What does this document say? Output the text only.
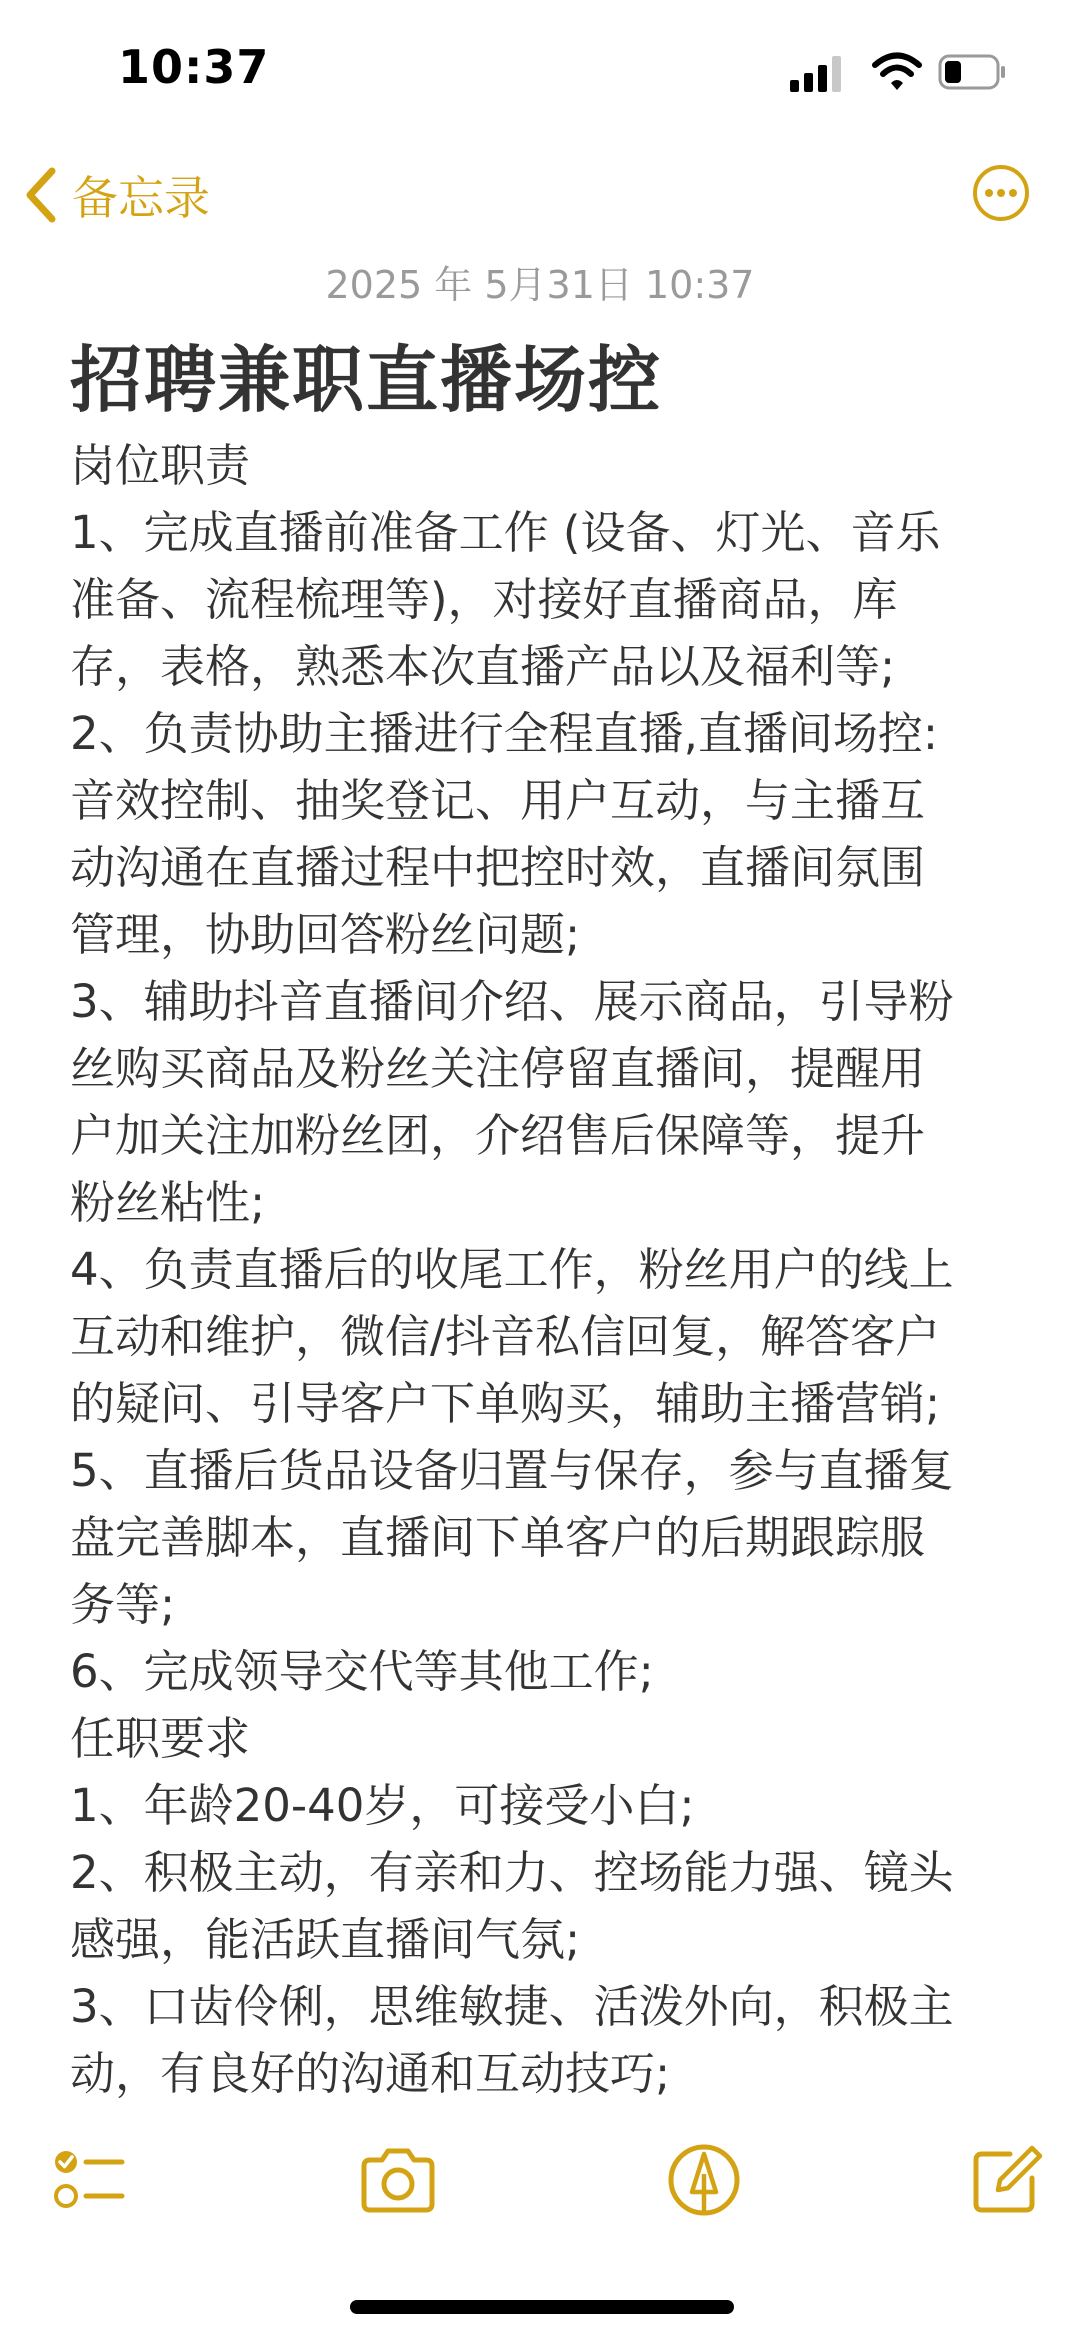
10:37
备忘录
2025 年 5月31日 10:37
招聘兼职直播场控
岗位职责
1、完成直播前准备工作 (设备、灯光、音乐
准备、流程梳理等)，对接好直播商品，库
存，表格，熟悉本次直播产品以及福利等;
2、负责协助主播进行全程直播,直播间场控:
音效控制、抽奖登记、用户互动，与主播互
动沟通在直播过程中把控时效，直播间氛围
管理，协助回答粉丝问题;
3、辅助抖音直播间介绍、展示商品，引导粉
丝购买商品及粉丝关注停留直播间，提醒用
户加关注加粉丝团，介绍售后保障等，提升
粉丝粘性;
4、负责直播后的收尾工作，粉丝用户的线上
互动和维护，微信/抖音私信回复，解答客户
的疑问、引导客户下单购买，辅助主播营销;
5、直播后货品设备归置与保存，参与直播复
盘完善脚本，直播间下单客户的后期跟踪服
务等;
6、完成领导交代等其他工作;
任职要求
1、年龄20-40岁，可接受小白;
2、积极主动，有亲和力、控场能力强、镜头
感强，能活跃直播间气氛;
3、口齿伶俐，思维敏捷、活泼外向，积极主
动，有良好的沟通和互动技巧;
